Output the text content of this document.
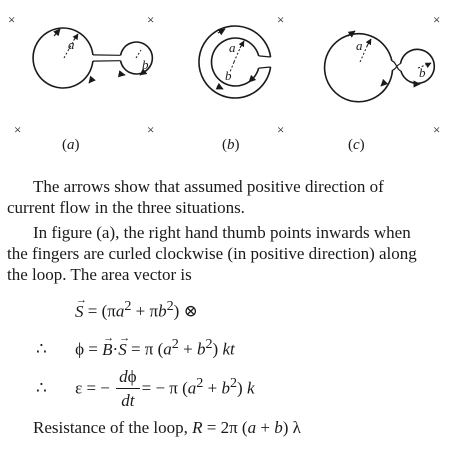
×	×	×	×
×	×	×	×
a
b
a
b
a
b
(a)	(b)	(c)
The arrows show that assumed positive direction of
current flow in the three situations.
In figure (a), the right hand thumb points inwards when
the fingers are curled clockwise (in positive direction) along
the loop. The area vector is
→ $S = (\pi a^2 + \pi b^2)$ ⊗
∴ ϕ = → B·→ S = π $(a^2 + b^2)$ kt
∴ ε = − $\frac{d\phi}{dt}$ = − π $(a^2 + b^2)$ k
Resistance of the loop, R = 2π (a + b) λ
